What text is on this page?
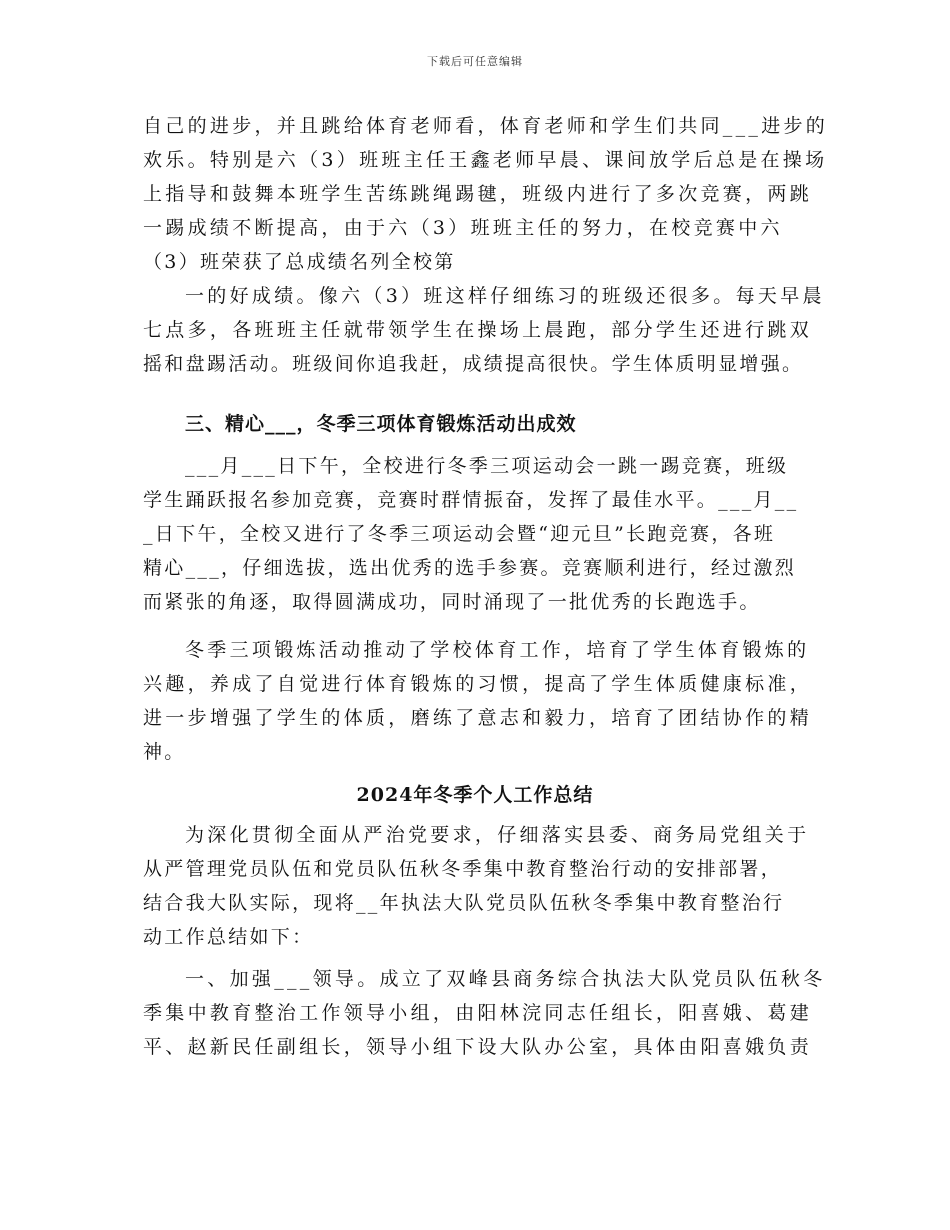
下载后可任意编辑
自己的进步，并且跳给体育老师看，体育老师和学生们共同___进步的
欢乐。特别是六（3）班班主任王鑫老师早晨、课间放学后总是在操场
上指导和鼓舞本班学生苦练跳绳踢毽，班级内进行了多次竞赛，两跳
一踢成绩不断提高，由于六（3）班班主任的努力，在校竞赛中六
（3）班荣获了总成绩名列全校第
一的好成绩。像六（3）班这样仔细练习的班级还很多。每天早晨
七点多，各班班主任就带领学生在操场上晨跑，部分学生还进行跳双
摇和盘踢活动。班级间你追我赶，成绩提高很快。学生体质明显增强。
三、精心___，冬季三项体育锻炼活动出成效
___月___日下午，全校进行冬季三项运动会一跳一踢竞赛，班级
学生踊跃报名参加竞赛，竞赛时群情振奋，发挥了最佳水平。___月__
_日下午，全校又进行了冬季三项运动会暨“迎元旦”长跑竞赛，各班
精心___，仔细选拔，选出优秀的选手参赛。竞赛顺利进行，经过激烈
而紧张的角逐，取得圆满成功，同时涌现了一批优秀的长跑选手。
冬季三项锻炼活动推动了学校体育工作，培育了学生体育锻炼的
兴趣，养成了自觉进行体育锻炼的习惯，提高了学生体质健康标准，
进一步增强了学生的体质，磨练了意志和毅力，培育了团结协作的精
神。
2024年冬季个人工作总结
为深化贯彻全面从严治党要求，仔细落实县委、商务局党组关于
从严管理党员队伍和党员队伍秋冬季集中教育整治行动的安排部署，
结合我大队实际，现将__年执法大队党员队伍秋冬季集中教育整治行
动工作总结如下：
一、加强___领导。成立了双峰县商务综合执法大队党员队伍秋冬
季集中教育整治工作领导小组，由阳林浣同志任组长，阳喜娥、葛建
平、赵新民任副组长，领导小组下设大队办公室，具体由阳喜娥负责
